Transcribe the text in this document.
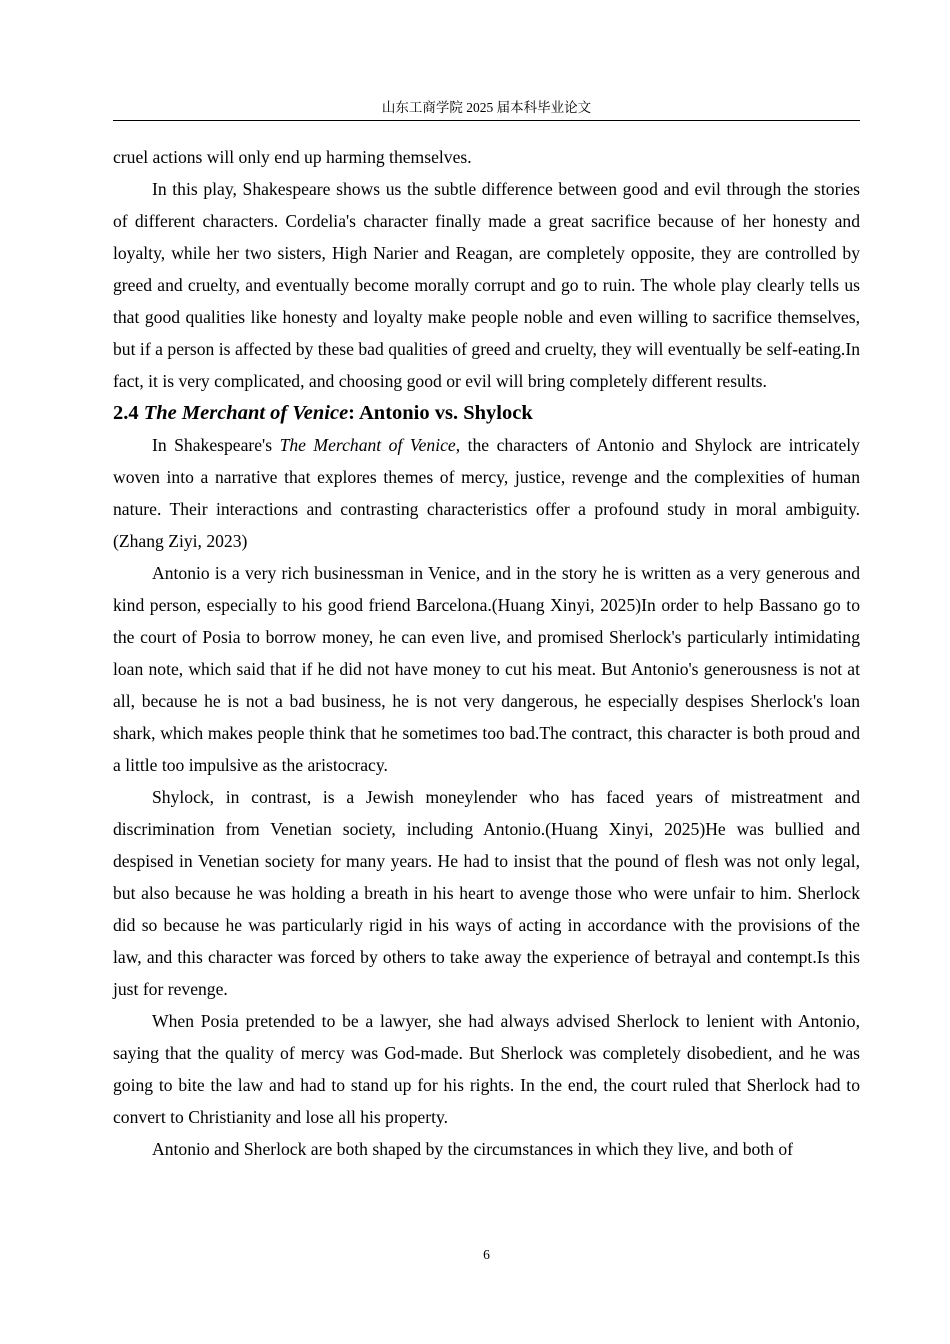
山东工商学院 2025 届本科毕业论文

cruel actions will only end up harming themselves.

In this play, Shakespeare shows us the subtle difference between good and evil through the stories of different characters. Cordelia's character finally made a great sacrifice because of her honesty and loyalty, while her two sisters, High Narier and Reagan, are completely opposite, they are controlled by greed and cruelty, and eventually become morally corrupt and go to ruin. The whole play clearly tells us that good qualities like honesty and loyalty make people noble and even willing to sacrifice themselves, but if a person is affected by these bad qualities of greed and cruelty, they will eventually be self-eating.In fact, it is very complicated, and choosing good or evil will bring completely different results.

2.4 The Merchant of Venice: Antonio vs. Shylock

In Shakespeare's The Merchant of Venice, the characters of Antonio and Shylock are intricately woven into a narrative that explores themes of mercy, justice, revenge and the complexities of human nature. Their interactions and contrasting characteristics offer a profound study in moral ambiguity.(Zhang Ziyi, 2023)

Antonio is a very rich businessman in Venice, and in the story he is written as a very generous and kind person, especially to his good friend Barcelona.(Huang Xinyi, 2025)In order to help Bassano go to the court of Posia to borrow money, he can even live, and promised Sherlock's particularly intimidating loan note, which said that if he did not have money to cut his meat. But Antonio's generousness is not at all, because he is not a bad business, he is not very dangerous, he especially despises Sherlock's loan shark, which makes people think that he sometimes too bad.The contract, this character is both proud and a little too impulsive as the aristocracy.

Shylock, in contrast, is a Jewish moneylender who has faced years of mistreatment and discrimination from Venetian society, including Antonio.(Huang Xinyi, 2025)He was bullied and despised in Venetian society for many years. He had to insist that the pound of flesh was not only legal, but also because he was holding a breath in his heart to avenge those who were unfair to him. Sherlock did so because he was particularly rigid in his ways of acting in accordance with the provisions of the law, and this character was forced by others to take away the experience of betrayal and contempt.Is this just for revenge.

When Posia pretended to be a lawyer, she had always advised Sherlock to lenient with Antonio, saying that the quality of mercy was God-made. But Sherlock was completely disobedient, and he was going to bite the law and had to stand up for his rights. In the end, the court ruled that Sherlock had to convert to Christianity and lose all his property.

Antonio and Sherlock are both shaped by the circumstances in which they live, and both of

6
